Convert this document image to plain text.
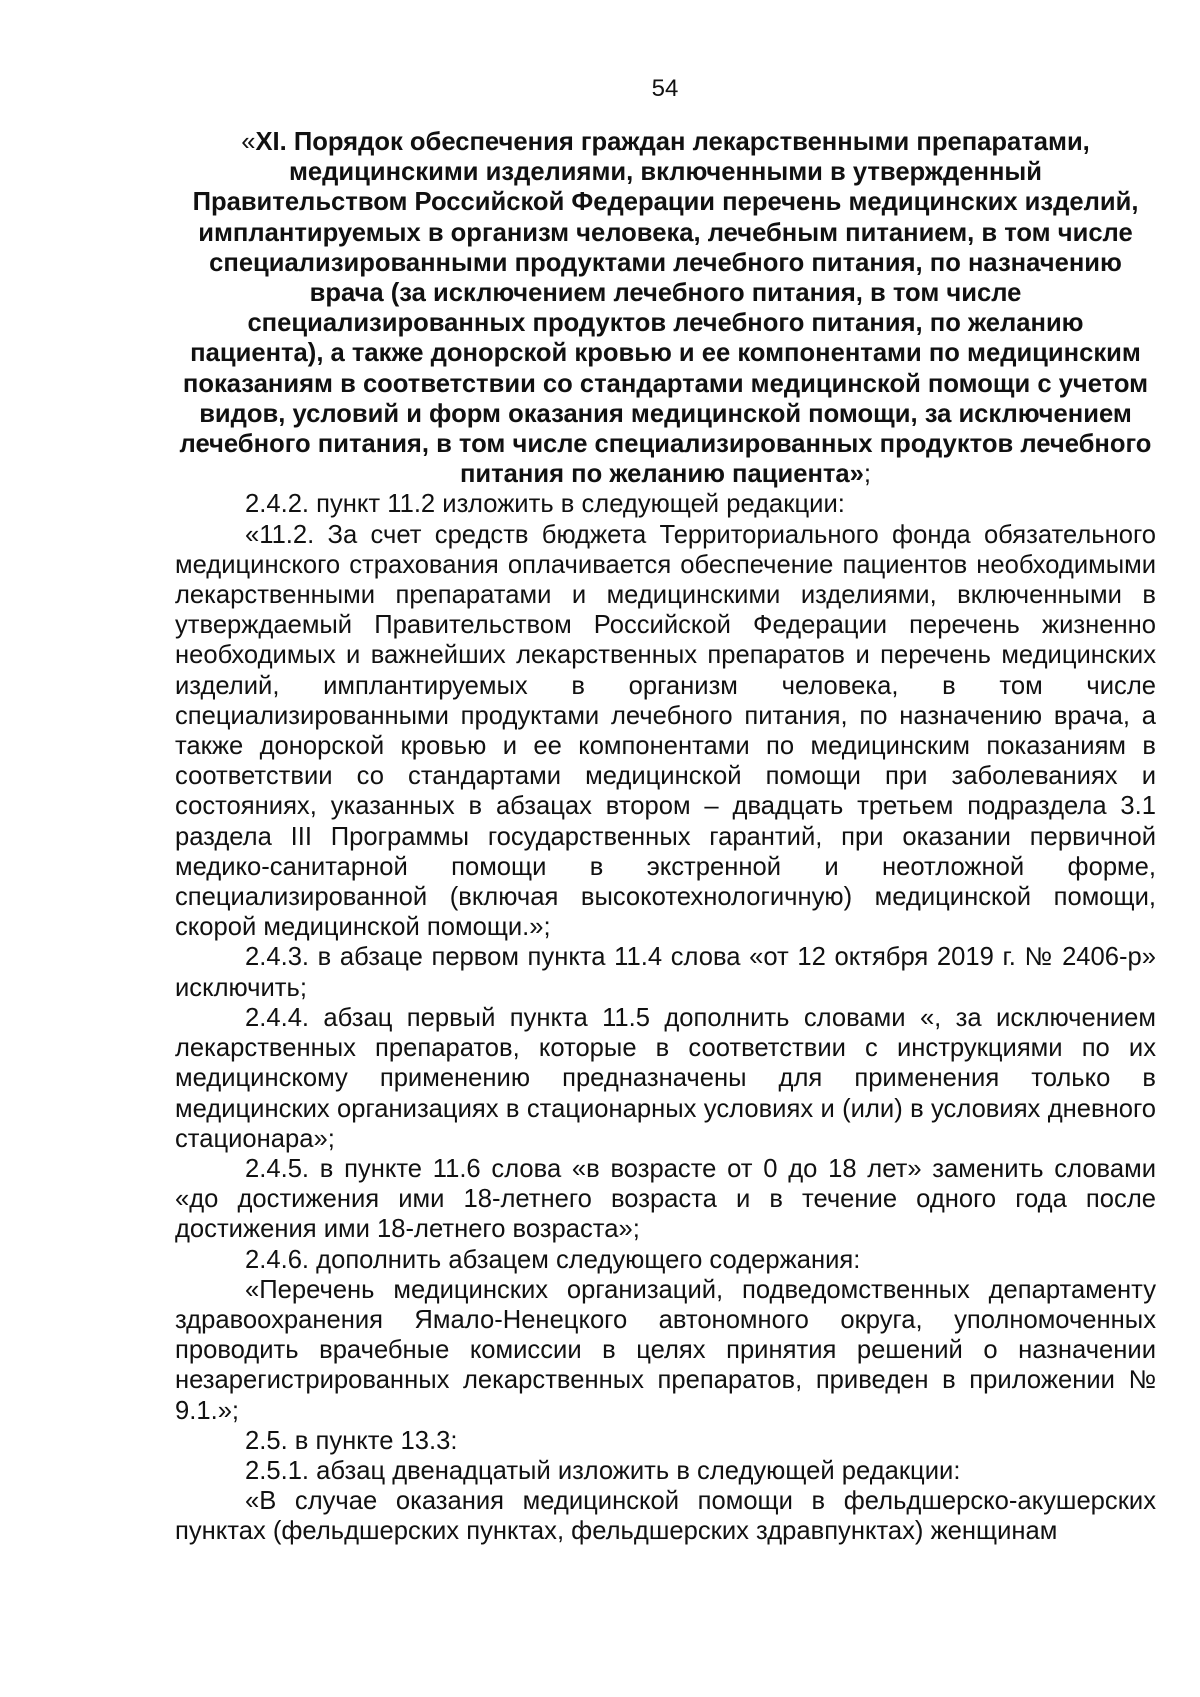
54

«XI. Порядок обеспечения граждан лекарственными препаратами, медицинскими изделиями, включенными в утвержденный Правительством Российской Федерации перечень медицинских изделий, имплантируемых в организм человека, лечебным питанием, в том числе специализированными продуктами лечебного питания, по назначению врача (за исключением лечебного питания, в том числе специализированных продуктов лечебного питания, по желанию пациента), а также донорской кровью и ее компонентами по медицинским показаниям в соответствии со стандартами медицинской помощи с учетом видов, условий и форм оказания медицинской помощи, за исключением лечебного питания, в том числе специализированных продуктов лечебного питания по желанию пациента»;

2.4.2. пункт 11.2 изложить в следующей редакции:

«11.2. За счет средств бюджета Территориального фонда обязательного медицинского страхования оплачивается обеспечение пациентов необходимыми лекарственными препаратами и медицинскими изделиями, включенными в утверждаемый Правительством Российской Федерации перечень жизненно необходимых и важнейших лекарственных препаратов и перечень медицинских изделий, имплантируемых в организм человека, в том числе специализированными продуктами лечебного питания, по назначению врача, а также донорской кровью и ее компонентами по медицинским показаниям в соответствии со стандартами медицинской помощи при заболеваниях и состояниях, указанных в абзацах втором – двадцать третьем подраздела 3.1 раздела III Программы государственных гарантий, при оказании первичной медико-санитарной помощи в экстренной и неотложной форме, специализированной (включая высокотехнологичную) медицинской помощи, скорой медицинской помощи.»;

2.4.3. в абзаце первом пункта 11.4 слова «от 12 октября 2019 г. № 2406-р» исключить;

2.4.4. абзац первый пункта 11.5 дополнить словами «, за исключением лекарственных препаратов, которые в соответствии с инструкциями по их медицинскому применению предназначены для применения только в медицинских организациях в стационарных условиях и (или) в условиях дневного стационара»;

2.4.5. в пункте 11.6 слова «в возрасте от 0 до 18 лет» заменить словами «до достижения ими 18-летнего возраста и в течение одного года после достижения ими 18-летнего возраста»;

2.4.6. дополнить абзацем следующего содержания:

«Перечень медицинских организаций, подведомственных департаменту здравоохранения Ямало-Ненецкого автономного округа, уполномоченных проводить врачебные комиссии в целях принятия решений о назначении незарегистрированных лекарственных препаратов, приведен в приложении № 9.1.»;

2.5. в пункте 13.3:

2.5.1. абзац двенадцатый изложить в следующей редакции:

«В случае оказания медицинской помощи в фельдшерско-акушерских пунктах (фельдшерских пунктах, фельдшерских здравпунктах) женщинам
